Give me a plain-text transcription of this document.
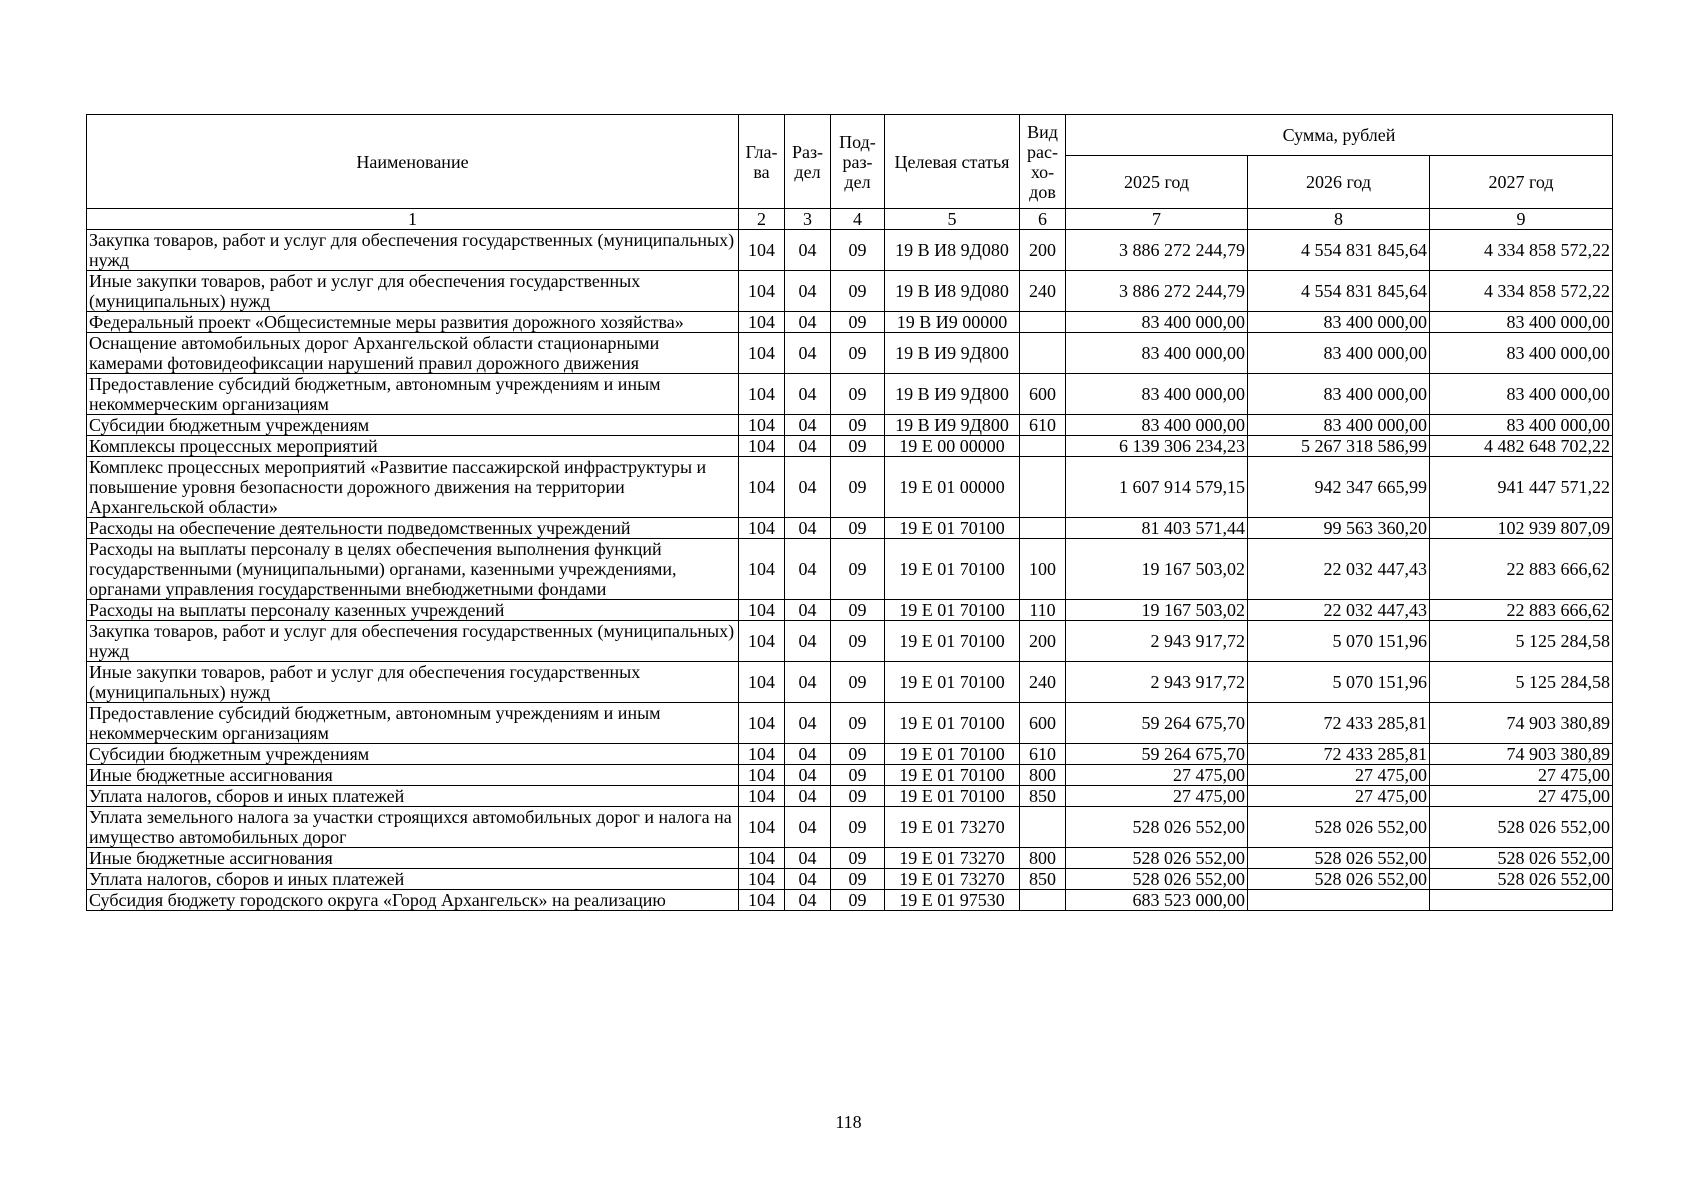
Наименование	Гла-ва	Раз-дел	Под-раз-дел	Целевая статья	Вид рас-хо-дов	Сумма, рублей		
						2025 год	2026 год	2027 год
1	2	3	4	5	6	7	8	9
Закупка товаров, работ и услуг для обеспечения государственных (муниципальных) нужд	104	04	09	19 В И8 9Д080	200	3 886 272 244,79	4 554 831 845,64	4 334 858 572,22
Иные закупки товаров, работ и услуг для обеспечения государственных (муниципальных) нужд	104	04	09	19 В И8 9Д080	240	3 886 272 244,79	4 554 831 845,64	4 334 858 572,22
Федеральный проект «Общесистемные меры развития дорожного хозяйства»	104	04	09	19 В И9 00000		83 400 000,00	83 400 000,00	83 400 000,00
Оснащение автомобильных дорог Архангельской области стационарными камерами фотовидеофиксации нарушений правил дорожного движения	104	04	09	19 В И9 9Д800		83 400 000,00	83 400 000,00	83 400 000,00
Предоставление субсидий бюджетным, автономным учреждениям и иным некоммерческим организациям	104	04	09	19 В И9 9Д800	600	83 400 000,00	83 400 000,00	83 400 000,00
Субсидии бюджетным учреждениям	104	04	09	19 В И9 9Д800	610	83 400 000,00	83 400 000,00	83 400 000,00
Комплексы процессных мероприятий	104	04	09	19 Е 00 00000		6 139 306 234,23	5 267 318 586,99	4 482 648 702,22
Комплекс процессных мероприятий «Развитие пассажирской инфраструктуры и повышение уровня безопасности дорожного движения на территории Архангельской области»	104	04	09	19 Е 01 00000		1 607 914 579,15	942 347 665,99	941 447 571,22
Расходы на обеспечение деятельности подведомственных учреждений	104	04	09	19 Е 01 70100		81 403 571,44	99 563 360,20	102 939 807,09
Расходы на выплаты персоналу в целях обеспечения выполнения функций государственными (муниципальными) органами, казенными учреждениями, органами управления государственными внебюджетными фондами	104	04	09	19 Е 01 70100	100	19 167 503,02	22 032 447,43	22 883 666,62
Расходы на выплаты персоналу казенных учреждений	104	04	09	19 Е 01 70100	110	19 167 503,02	22 032 447,43	22 883 666,62
Закупка товаров, работ и услуг для обеспечения государственных (муниципальных) нужд	104	04	09	19 Е 01 70100	200	2 943 917,72	5 070 151,96	5 125 284,58
Иные закупки товаров, работ и услуг для обеспечения государственных (муниципальных) нужд	104	04	09	19 Е 01 70100	240	2 943 917,72	5 070 151,96	5 125 284,58
Предоставление субсидий бюджетным, автономным учреждениям и иным некоммерческим организациям	104	04	09	19 Е 01 70100	600	59 264 675,70	72 433 285,81	74 903 380,89
Субсидии бюджетным учреждениям	104	04	09	19 Е 01 70100	610	59 264 675,70	72 433 285,81	74 903 380,89
Иные бюджетные ассигнования	104	04	09	19 Е 01 70100	800	27 475,00	27 475,00	27 475,00
Уплата налогов, сборов и иных платежей	104	04	09	19 Е 01 70100	850	27 475,00	27 475,00	27 475,00
Уплата земельного налога за участки строящихся автомобильных дорог и налога на имущество автомобильных дорог	104	04	09	19 Е 01 73270		528 026 552,00	528 026 552,00	528 026 552,00
Иные бюджетные ассигнования	104	04	09	19 Е 01 73270	800	528 026 552,00	528 026 552,00	528 026 552,00
Уплата налогов, сборов и иных платежей	104	04	09	19 Е 01 73270	850	528 026 552,00	528 026 552,00	528 026 552,00
Субсидия бюджету городского округа «Город Архангельск» на реализацию	104	04	09	19 Е 01 97530		683 523 000,00		
118
